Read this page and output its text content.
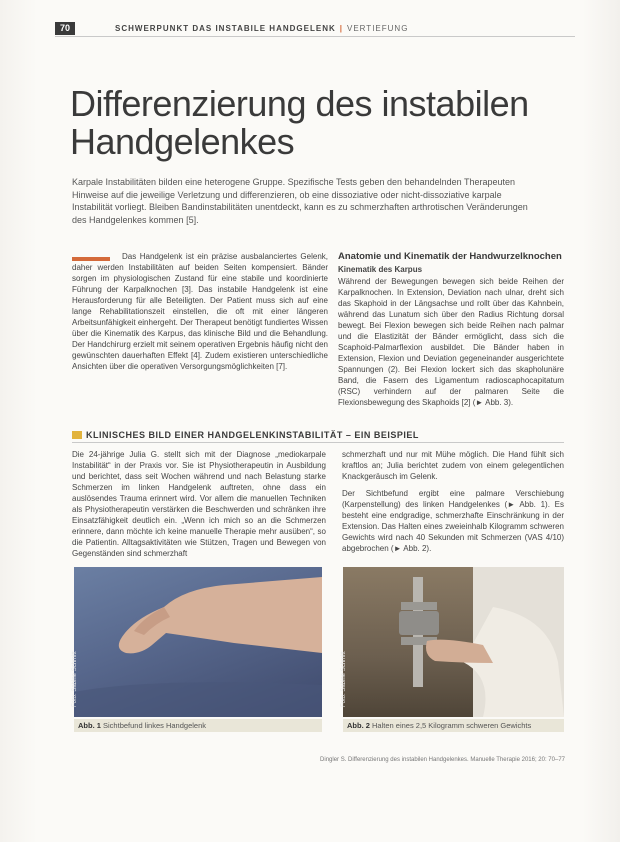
70	SCHWERPUNKT DAS INSTABILE HANDGELENK | VERTIEFUNG
Differenzierung des instabilen Handgelenkes
Karpale Instabilitäten bilden eine heterogene Gruppe. Spezifische Tests geben den behandelnden Therapeuten Hinweise auf die jeweilige Verletzung und differenzieren, ob eine dissoziative oder nicht-dissoziative karpale Instabilität vorliegt. Bleiben Bandinstabilitäten unentdeckt, kann es zu schmerzhaften arthrotischen Veränderungen des Handgelenkes kommen [5].
Das Handgelenk ist ein präzise ausbalanciertes Gelenk, daher werden Instabilitäten auf beiden Seiten kompensiert. Bänder sorgen im physiologischen Zustand für eine stabile und koordinierte Führung der Karpalknochen [3]. Das instabile Handgelenk ist eine Herausforderung für alle Beteiligten. Der Patient muss sich auf eine lange Rehabilitationszeit einstellen, die oft mit einer längeren Arbeitsunfähigkeit einhergeht. Der Therapeut benötigt fundiertes Wissen über die Kinematik des Karpus, das klinische Bild und die Behandlung. Der Handchirurg erzielt mit seinem operativen Ergebnis häufig nicht den gewünschten dauerhaften Effekt [4]. Zudem existieren unterschiedliche Ansichten über die operativen Versorgungsmöglichkeiten [7].
Anatomie und Kinematik der Handwurzelknochen
Kinematik des Karpus
Während der Bewegungen bewegen sich beide Reihen der Karpalknochen. In Extension, Deviation nach ulnar, dreht sich das Skaphoid in der Längsachse und rollt über das Kahnbein, während das Lunatum sich über den Radius Richtung dorsal bewegt. Bei Flexion bewegen sich beide Reihen nach palmar und die Elastizität der Bänder ermöglicht, dass sich die Scaphoid-Palmarflexion ausbildet. Die Bänder haben in Extension, Flexion und Deviation gegeneinander ausgerichtete Spannungen (2). Bei Flexion lockert sich das skapholunäre Band, die Fasern des Ligamentum radioscaphocapitatum (RSC) verhindern auf der palmaren Seite die Flexionsbewegung des Skaphoids [2] (► Abb. 3).
KLINISCHES BILD EINER HANDGELENKINSTABILITÄT – EIN BEISPIEL
Die 24-jährige Julia G. stellt sich mit der Diagnose „mediokarpale Instabilität“ in der Praxis vor. Sie ist Physiotherapeutin in Ausbildung und berichtet, dass seit Wochen während und nach Belastung starke Schmerzen im linken Handgelenk auftreten, ohne dass ein auslösendes Trauma erinnert wird. Vor allem die manuellen Techniken als Physiotherapeutin verstärken die Beschwerden und schränken ihre Einsatzfähigkeit deutlich ein. „Wenn ich mich so an die Schmerzen erinnere, dann möchte ich keine manuelle Therapie mehr ausüben“, so die Patientin. Alltagsaktivitäten wie Stützen, Tragen und Bewegen von Gegenständen sind schmerzhaft
schmerzhaft und nur mit Mühe möglich. Die Hand fühlt sich kraftlos an; Julia berichtet zudem von einem gelegentlichen Knackgeräusch im Gelenk.
Der Sichtbefund ergibt eine palmare Verschiebung (Karpenstellung) des linken Handgelenkes (► Abb. 1). Es besteht eine endgradige, schmerzhafte Einschränkung in der Extension. Das Halten eines zweieinhalb Kilogramm schweren Gewichts wird nach 40 Sekunden mit Schmerzen (VAS 4/10) abgebrochen (► Abb. 2).
Foto: Sabine Schmitt
Abb. 1 Sichtbefund linkes Handgelenk
Foto: Sabine Schmitt
Abb. 2 Halten eines 2,5 Kilogramm schweren Gewichts
Dingler S. Differenzierung des instabilen Handgelenkes. Manuelle Therapie 2016; 20: 70–77
